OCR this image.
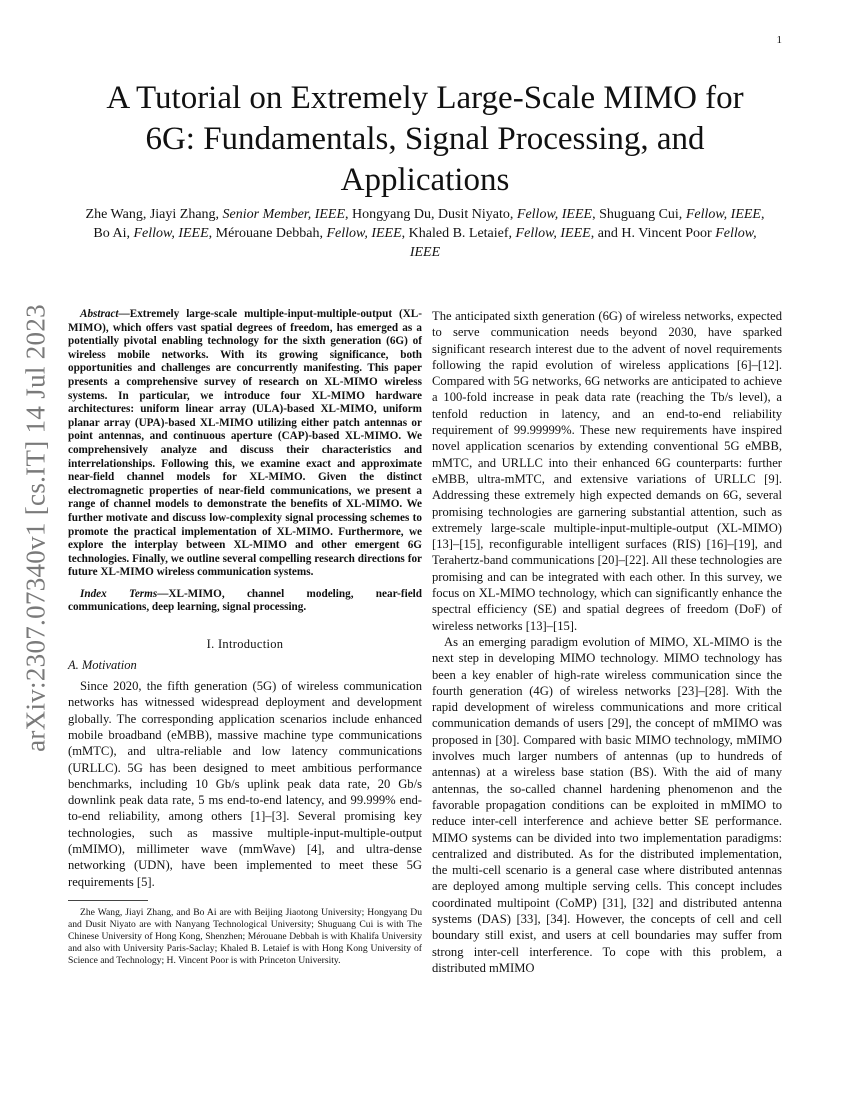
1
arXiv:2307.07340v1 [cs.IT] 14 Jul 2023
A Tutorial on Extremely Large-Scale MIMO for 6G: Fundamentals, Signal Processing, and Applications
Zhe Wang, Jiayi Zhang, Senior Member, IEEE, Hongyang Du, Dusit Niyato, Fellow, IEEE, Shuguang Cui, Fellow, IEEE, Bo Ai, Fellow, IEEE, Mérouane Debbah, Fellow, IEEE, Khaled B. Letaief, Fellow, IEEE, and H. Vincent Poor Fellow, IEEE

Abstract—Extremely large-scale multiple-input-multiple-output (XL-MIMO), which offers vast spatial degrees of freedom, has emerged as a potentially pivotal enabling technology for the sixth generation (6G) of wireless mobile networks. With its growing significance, both opportunities and challenges are concurrently manifesting. This paper presents a comprehensive survey of research on XL-MIMO wireless systems. In particular, we introduce four XL-MIMO hardware architectures: uniform linear array (ULA)-based XL-MIMO, uniform planar array (UPA)-based XL-MIMO utilizing either patch antennas or point antennas, and continuous aperture (CAP)-based XL-MIMO. We comprehensively analyze and discuss their characteristics and interrelationships. Following this, we examine exact and approximate near-field channel models for XL-MIMO. Given the distinct electromagnetic properties of near-field communications, we present a range of channel models to demonstrate the benefits of XL-MIMO. We further motivate and discuss low-complexity signal processing schemes to promote the practical implementation of XL-MIMO. Furthermore, we explore the interplay between XL-MIMO and other emergent 6G technologies. Finally, we outline several compelling research directions for future XL-MIMO wireless communication systems.

Index Terms—XL-MIMO, channel modeling, near-field communications, deep learning, signal processing.

I. Introduction
A. Motivation

Since 2020, the fifth generation (5G) of wireless communication networks has witnessed widespread deployment and development globally. The corresponding application scenarios include enhanced mobile broadband (eMBB), massive machine type communications (mMTC), and ultra-reliable and low latency communications (URLLC). 5G has been designed to meet ambitious performance benchmarks, including 10 Gb/s uplink peak data rate, 20 Gb/s downlink peak data rate, 5 ms end-to-end latency, and 99.999% end-to-end reliability, among others [1]–[3]. Several promising key technologies, such as massive multiple-input-multiple-output (mMIMO), millimeter wave (mmWave) [4], and ultra-dense networking (UDN), have been implemented to meet these 5G requirements [5].

Zhe Wang, Jiayi Zhang, and Bo Ai are with Beijing Jiaotong University; Hongyang Du and Dusit Niyato are with Nanyang Technological University; Shuguang Cui is with The Chinese University of Hong Kong, Shenzhen; Mérouane Debbah is with Khalifa University and also with University Paris-Saclay; Khaled B. Letaief is with Hong Kong University of Science and Technology; H. Vincent Poor is with Princeton University.

The anticipated sixth generation (6G) of wireless networks, expected to serve communication needs beyond 2030, have sparked significant research interest due to the advent of novel requirements following the rapid evolution of wireless applications [6]–[12]. Compared with 5G networks, 6G networks are anticipated to achieve a 100-fold increase in peak data rate (reaching the Tb/s level), a tenfold reduction in latency, and an end-to-end reliability requirement of 99.99999%. These new requirements have inspired novel application scenarios by extending conventional 5G eMBB, mMTC, and URLLC into their enhanced 6G counterparts: further eMBB, ultra-mMTC, and extensive variations of URLLC [9]. Addressing these extremely high expected demands on 6G, several promising technologies are garnering substantial attention, such as extremely large-scale multiple-input-multiple-output (XL-MIMO) [13]–[15], reconfigurable intelligent surfaces (RIS) [16]–[19], and Terahertz-band communications [20]–[22]. All these technologies are promising and can be integrated with each other. In this survey, we focus on XL-MIMO technology, which can significantly enhance the spectral efficiency (SE) and spatial degrees of freedom (DoF) of wireless networks [13]–[15].

As an emerging paradigm evolution of MIMO, XL-MIMO is the next step in developing MIMO technology. MIMO technology has been a key enabler of high-rate wireless communication since the fourth generation (4G) of wireless networks [23]–[28]. With the rapid development of wireless communications and more critical communication demands of users [29], the concept of mMIMO was proposed in [30]. Compared with basic MIMO technology, mMIMO involves much larger numbers of antennas (up to hundreds of antennas) at a wireless base station (BS). With the aid of many antennas, the so-called channel hardening phenomenon and the favorable propagation conditions can be exploited in mMIMO to reduce inter-cell interference and achieve better SE performance. MIMO systems can be divided into two implementation paradigms: centralized and distributed. As for the distributed implementation, the multi-cell scenario is a general case where distributed antennas are deployed among multiple serving cells. This concept includes coordinated multipoint (CoMP) [31], [32] and distributed antenna systems (DAS) [33], [34]. However, the concepts of cell and cell boundary still exist, and users at cell boundaries may suffer from strong inter-cell interference. To cope with this problem, a distributed mMIMO
